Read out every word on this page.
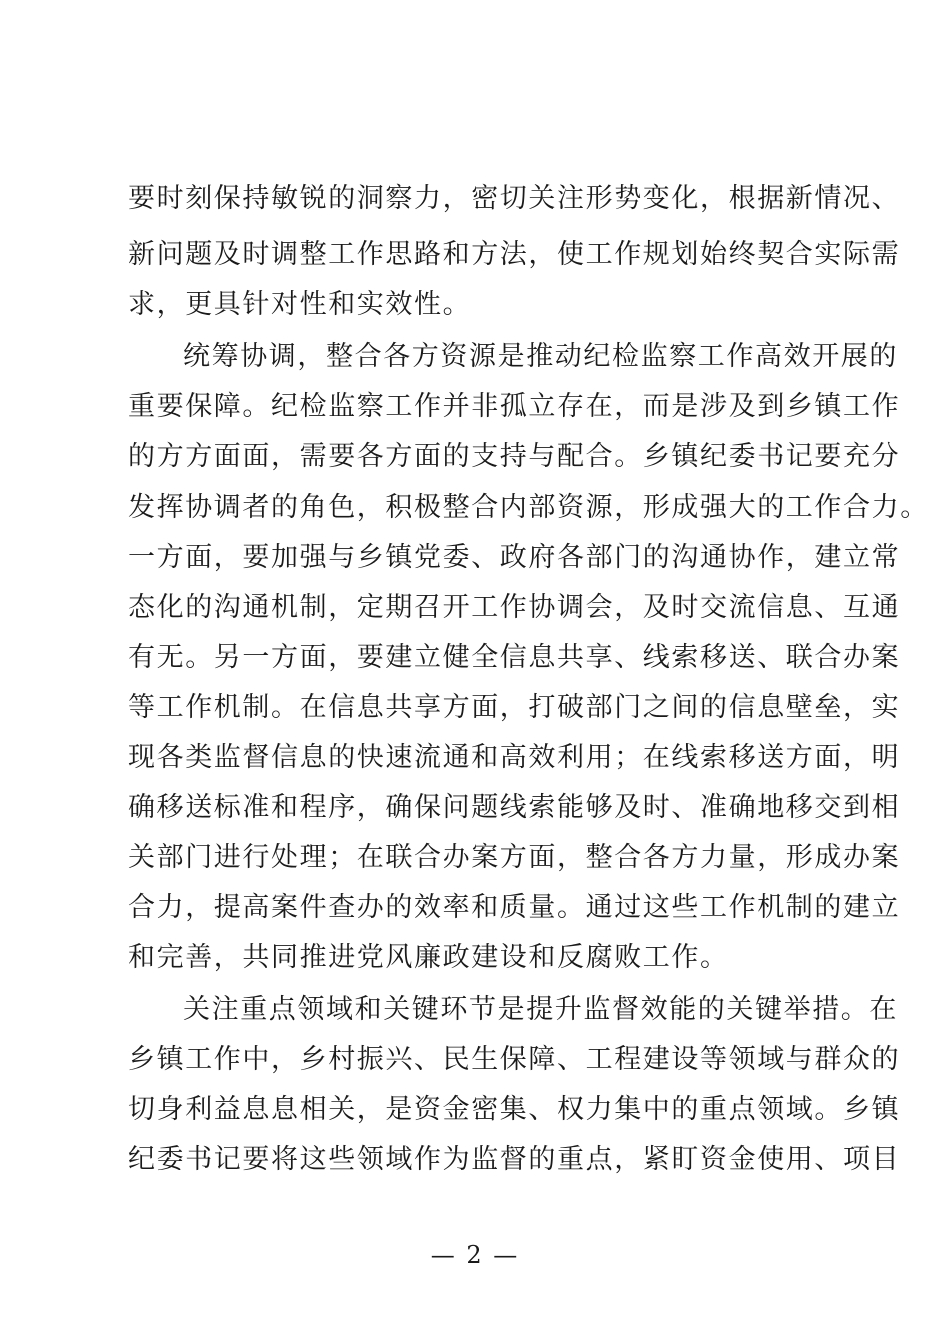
要时刻保持敏锐的洞察力，密切关注形势变化，根据新情况、
新问题及时调整工作思路和方法，使工作规划始终契合实际需
求，更具针对性和实效性。
统筹协调，整合各方资源是推动纪检监察工作高效开展的
重要保障。纪检监察工作并非孤立存在，而是涉及到乡镇工作
的方方面面，需要各方面的支持与配合。乡镇纪委书记要充分
发挥协调者的角色，积极整合内部资源，形成强大的工作合力。
一方面，要加强与乡镇党委、政府各部门的沟通协作，建立常
态化的沟通机制，定期召开工作协调会，及时交流信息、互通
有无。另一方面，要建立健全信息共享、线索移送、联合办案
等工作机制。在信息共享方面，打破部门之间的信息壁垒，实
现各类监督信息的快速流通和高效利用；在线索移送方面，明
确移送标准和程序，确保问题线索能够及时、准确地移交到相
关部门进行处理；在联合办案方面，整合各方力量，形成办案
合力，提高案件查办的效率和质量。通过这些工作机制的建立
和完善，共同推进党风廉政建设和反腐败工作。
关注重点领域和关键环节是提升监督效能的关键举措。在
乡镇工作中，乡村振兴、民生保障、工程建设等领域与群众的
切身利益息息相关，是资金密集、权力集中的重点领域。乡镇
纪委书记要将这些领域作为监督的重点，紧盯资金使用、项目
— 2 —
